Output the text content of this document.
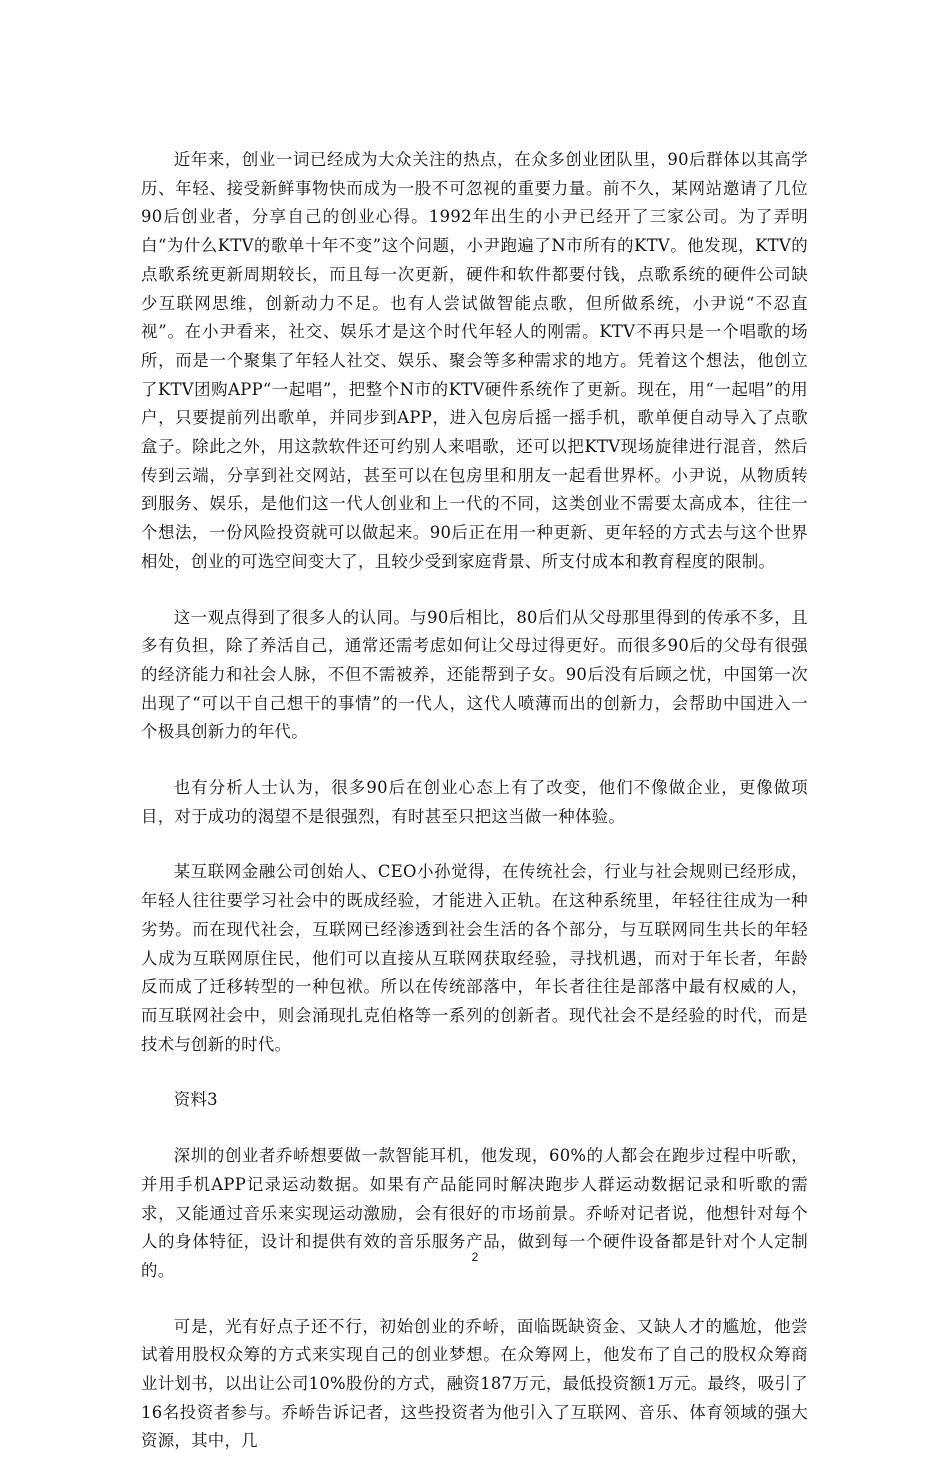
近年来，创业一词已经成为大众关注的热点，在众多创业团队里，90后群体以其高学历、年轻、接受新鲜事物快而成为一股不可忽视的重要力量。前不久，某网站邀请了几位90后创业者，分享自己的创业心得。1992年出生的小尹已经开了三家公司。为了弄明白“为什么KTV的歌单十年不变”这个问题，小尹跑遍了N市所有的KTV。他发现，KTV的点歌系统更新周期较长，而且每一次更新，硬件和软件都要付钱，点歌系统的硬件公司缺少互联网思维，创新动力不足。也有人尝试做智能点歌，但所做系统，小尹说“不忍直视”。在小尹看来，社交、娱乐才是这个时代年轻人的刚需。KTV不再只是一个唱歌的场所，而是一个聚集了年轻人社交、娱乐、聚会等多种需求的地方。凭着这个想法，他创立了KTV团购APP“一起唱”，把整个N市的KTV硬件系统作了更新。现在，用“一起唱”的用户，只要提前列出歌单，并同步到APP，进入包房后摇一摇手机，歌单便自动导入了点歌盒子。除此之外，用这款软件还可约别人来唱歌，还可以把KTV现场旋律进行混音，然后传到云端，分享到社交网站，甚至可以在包房里和朋友一起看世界杯。小尹说，从物质转到服务、娱乐，是他们这一代人创业和上一代的不同，这类创业不需要太高成本，往往一个想法，一份风险投资就可以做起来。90后正在用一种更新、更年轻的方式去与这个世界相处，创业的可选空间变大了，且较少受到家庭背景、所支付成本和教育程度的限制。

这一观点得到了很多人的认同。与90后相比，80后们从父母那里得到的传承不多，且多有负担，除了养活自己，通常还需考虑如何让父母过得更好。而很多90后的父母有很强的经济能力和社会人脉，不但不需被养，还能帮到子女。90后没有后顾之忧，中国第一次出现了“可以干自己想干的事情”的一代人，这代人喷薄而出的创新力，会帮助中国进入一个极具创新力的年代。

也有分析人士认为，很多90后在创业心态上有了改变，他们不像做企业，更像做项目，对于成功的渴望不是很强烈，有时甚至只把这当做一种体验。

某互联网金融公司创始人、CEO小孙觉得，在传统社会，行业与社会规则已经形成，年轻人往往要学习社会中的既成经验，才能进入正轨。在这种系统里，年轻往往成为一种劣势。而在现代社会，互联网已经渗透到社会生活的各个部分，与互联网同生共长的年轻人成为互联网原住民，他们可以直接从互联网获取经验，寻找机遇，而对于年长者，年龄反而成了迁移转型的一种包袱。所以在传统部落中，年长者往往是部落中最有权威的人，而互联网社会中，则会涌现扎克伯格等一系列的创新者。现代社会不是经验的时代，而是技术与创新的时代。

资料3

深圳的创业者乔峤想要做一款智能耳机，他发现，60%的人都会在跑步过程中听歌，并用手机APP记录运动数据。如果有产品能同时解决跑步人群运动数据记录和听歌的需求，又能通过音乐来实现运动激励，会有很好的市场前景。乔峤对记者说，他想针对每个人的身体特征，设计和提供有效的音乐服务产品，做到每一个硬件设备都是针对个人定制的。

可是，光有好点子还不行，初始创业的乔峤，面临既缺资金、又缺人才的尴尬，他尝试着用股权众筹的方式来实现自己的创业梦想。在众筹网上，他发布了自己的股权众筹商业计划书，以出让公司10%股份的方式，融资187万元，最低投资额1万元。最终，吸引了16名投资者参与。乔峤告诉记者，这些投资者为他引入了互联网、音乐、体育领域的强大资源，其中，几

2
